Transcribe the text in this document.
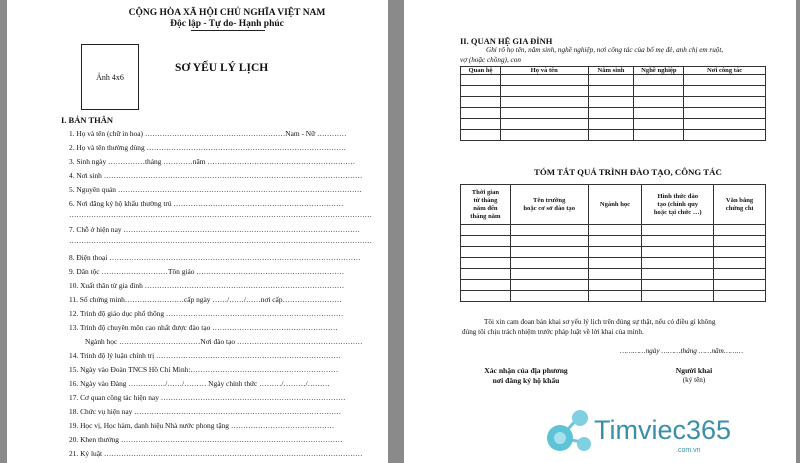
CỘNG HÒA XÃ HỘI CHỦ NGHĨA VIỆT NAM
Độc lập - Tự do- Hạnh phúc
Ảnh 4x6
SƠ YẾU LÝ LỊCH
I. BẢN THÂN
1. Họ và tên (chữ in hoa) …………………………………………………Nam - Nữ …………
2. Họ và tên thường dùng ………………………………………………………………………
3. Sinh ngày ……………tháng …………năm ……………………………………………………
4. Nơi sinh ……………………………………………………………………………………………
5. Nguyên quán ………………………………………………………………………………………
6. Nơi đăng ký hộ khẩu thường trú ……………………………………………………………
……………………………………………………………………………………………………………
7. Chỗ ở hiện nay ……………………………………………………………………………………
……………………………………………………………………………………………………………
8. Điện thoại …………………………………………………………………………………………
9. Dân tộc ………………………Tôn giáo ……………………………………………………
10. Xuất thân từ gia đình ………………………………………………………………………
11. Số chứng minh……………………cấp ngày ……/……/……nơi cấp……………………
12. Trình độ giáo dục phổ thông ………………………………………………………………
13. Trình độ chuyên môn cao nhất được đào tạo ……………………………………………
Ngành học ……………………………Nơi đào tạo ……………………………………………
14. Trình độ lý luận chính trị …………………………………………………………………
15. Ngày vào Đoàn TNCS Hồ Chí Minh:……………………………………………………
16. Ngày vào Đảng ……………/……/……… Ngày chính thức ………/………/………
17. Cơ quan công tác hiện nay …………………………………………………………………
18. Chức vụ hiện nay …………………………………………………………………………
19. Học vị, Học hàm, danh hiệu Nhà nước phong tặng ……………………………………
20. Khen thưởng ………………………………………………………………………………
21. Kỷ luật ……………………………………………………………………………………………
II. QUAN HỆ GIA ĐÌNH
Ghi rõ họ tên, năm sinh, nghề nghiệp, nơi công tác của bố mẹ đẻ, anh chị em ruột,
vợ (hoặc chồng), con
Quan hệ	Họ và tên	Năm sinh	Nghề nghiệp	Nơi công tác

TÓM TẮT QUÁ TRÌNH ĐÀO TẠO, CÔNG TÁC
Thời gian
từ tháng
năm đến
tháng năm	Tên trường
hoặc cơ sở đào tạo	Ngành học	Hình thức đào
tạo (chính quy
hoặc tại chức …)	Văn bằng
chứng chỉ

Tôi xin cam đoan bản khai sơ yếu lý lịch trên đúng sự thật, nếu có điều gì không
đúng tôi chịu trách nhiệm trước pháp luật về lời khai của mình.
…………ngày ………tháng ……năm………
Xác nhận của địa phương
nơi đăng ký hộ khẩu
Người khai
(ký tên)
Timviec365
.com.vn
